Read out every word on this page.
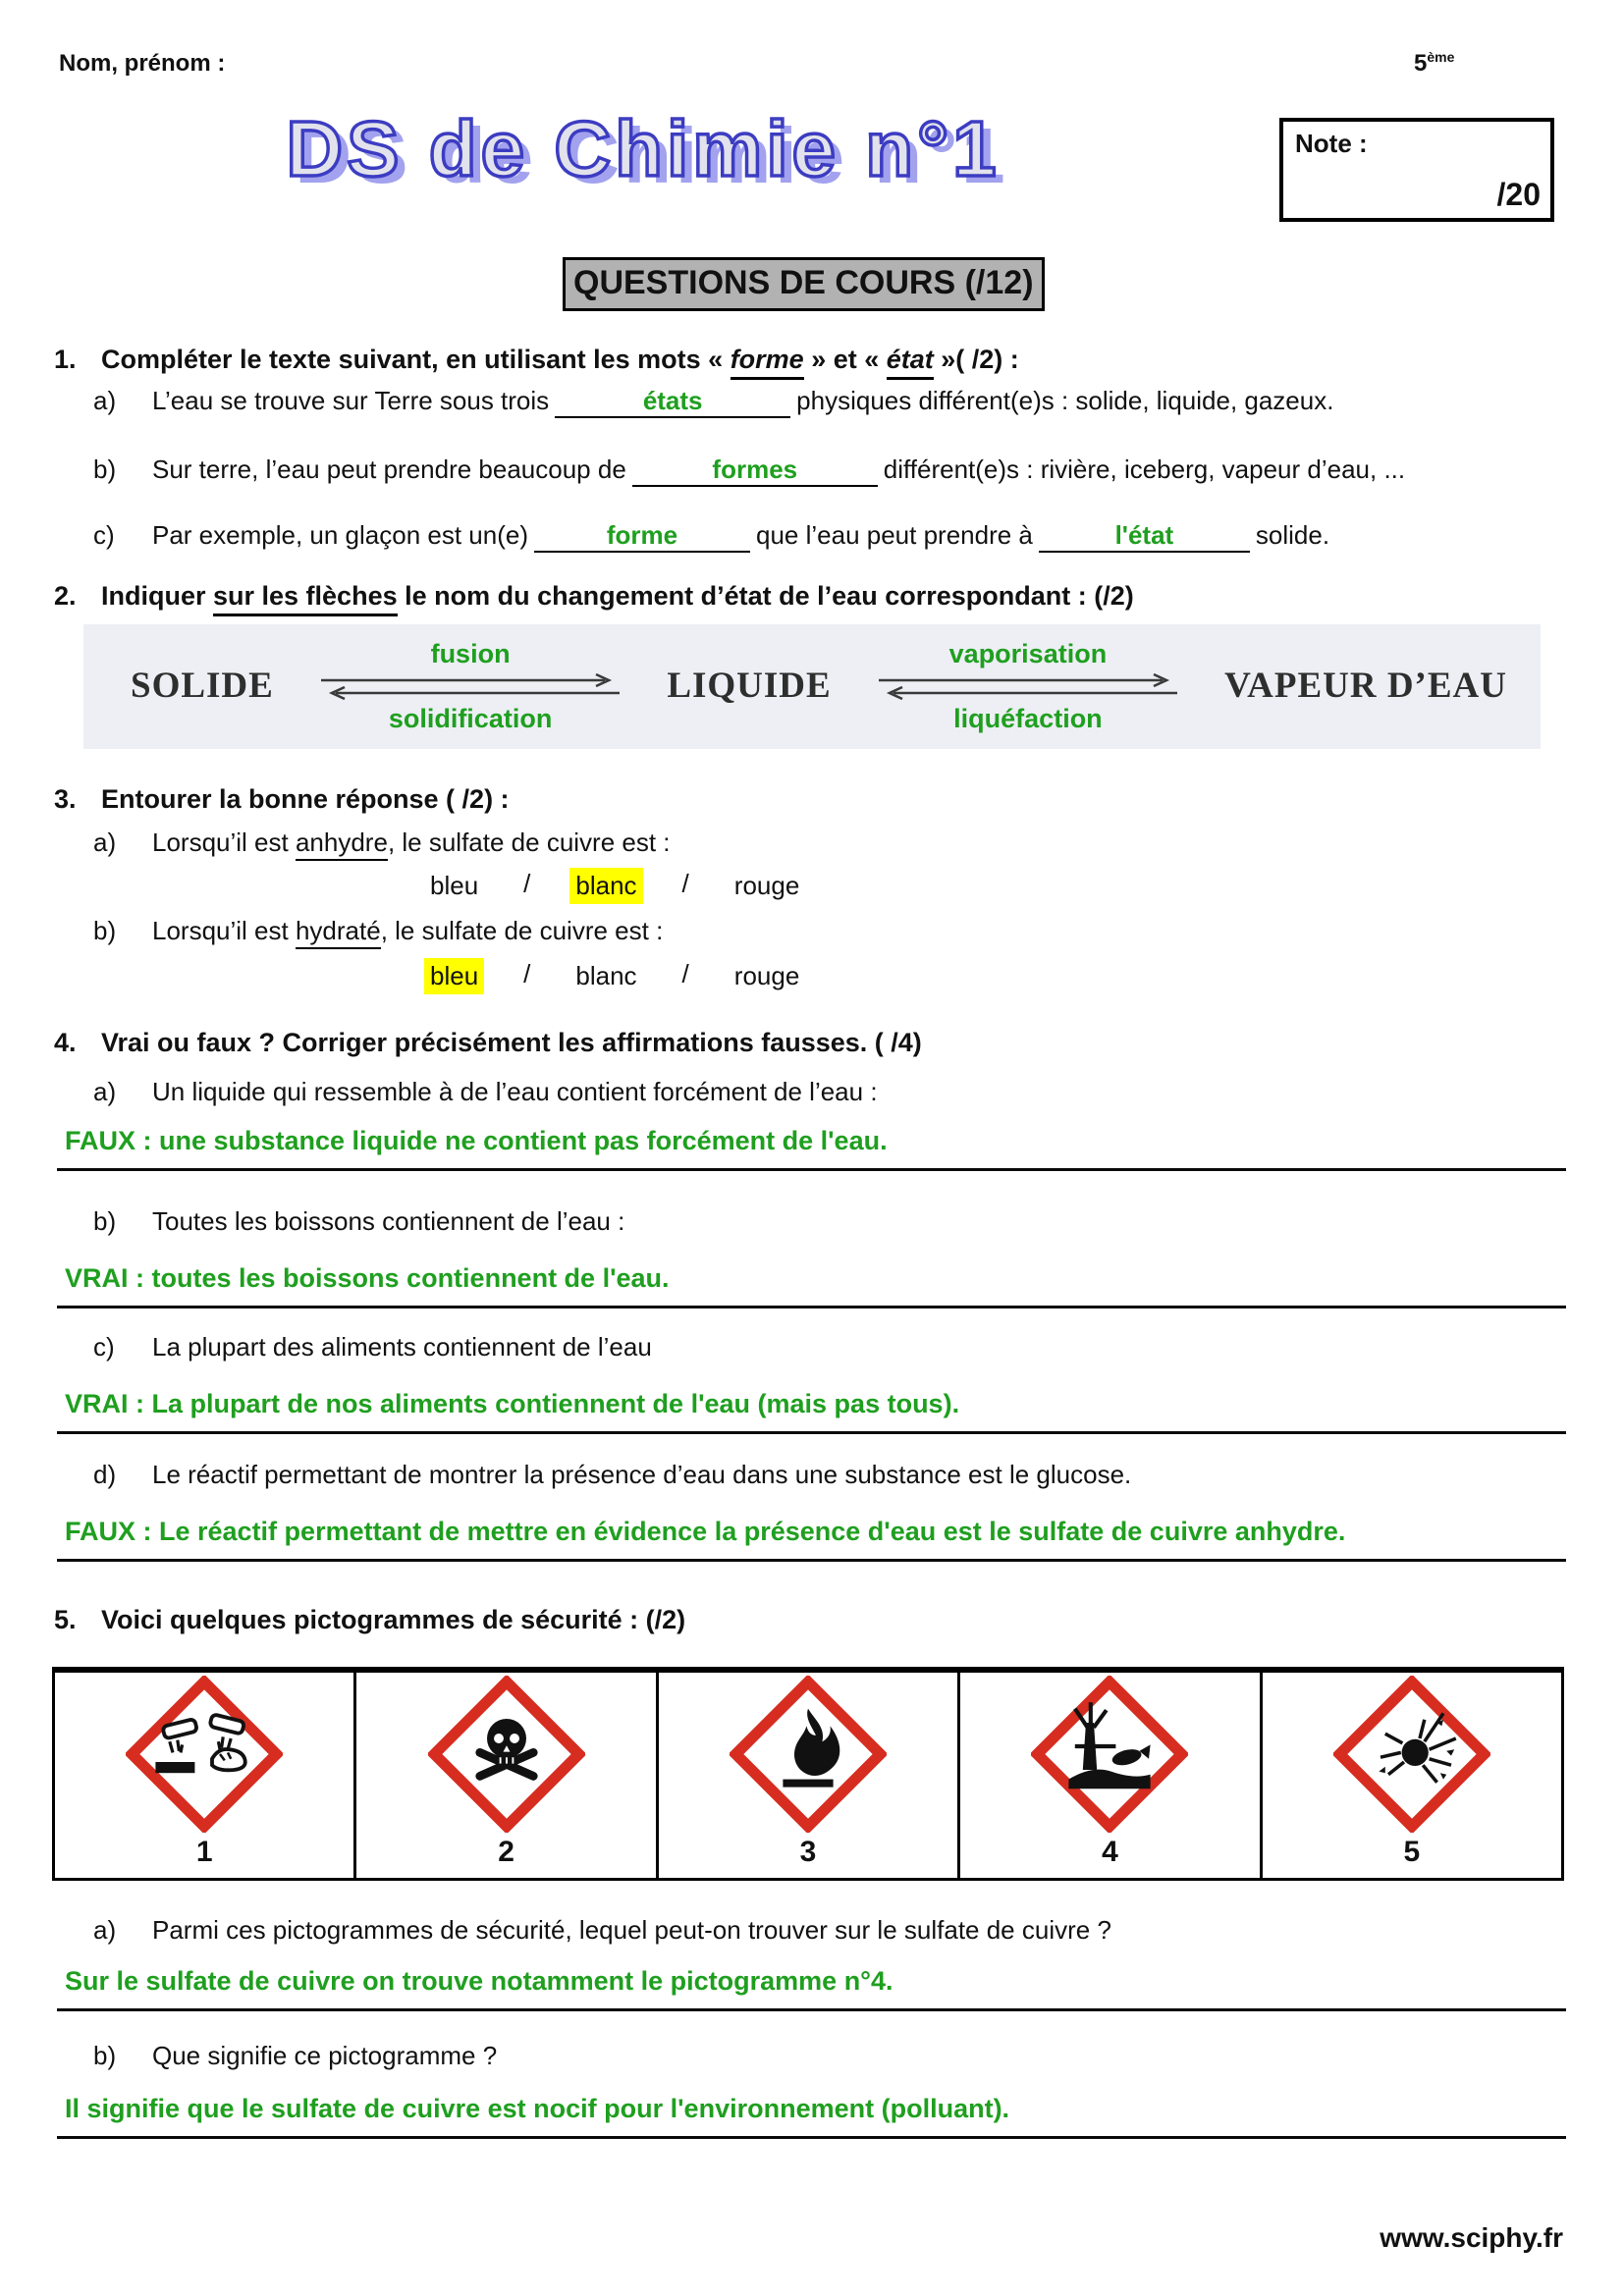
Nom, prénom :	5ème
DS de Chimie n°1	Note :
/20
QUESTIONS DE COURS (/12)
1. Compléter le texte suivant, en utilisant les mots « forme » et « état »( /2) :
a)	L’eau se trouve sur Terre sous trois	états	physiques différent(e)s : solide, liquide, gazeux.
b)	Sur terre, l’eau peut prendre beaucoup de	formes	différent(e)s : rivière, iceberg, vapeur d’eau, ...
c)	Par exemple, un glaçon est un(e)	forme	que l’eau peut prendre à	l'état	solide.
2. Indiquer sur les flèches le nom du changement d’état de l’eau correspondant : (/2)
SOLIDE
fusion
solidification
LIQUIDE
vaporisation
liquéfaction
VAPEUR D’EAU
3. Entourer la bonne réponse ( /2) :
a)	Lorsqu’il est anhydre, le sulfate de cuivre est :
bleu / blanc / rouge
b)	Lorsqu’il est hydraté, le sulfate de cuivre est :
bleu / blanc / rouge
4. Vrai ou faux ? Corriger précisément les affirmations fausses. ( /4)
a)	Un liquide qui ressemble à de l’eau contient forcément de l’eau :
FAUX : une substance liquide ne contient pas forcément de l'eau.
b)	Toutes les boissons contiennent de l’eau :
VRAI : toutes les boissons contiennent de l'eau.
c)	La plupart des aliments contiennent de l’eau
VRAI : La plupart de nos aliments contiennent de l'eau (mais pas tous).
d)	Le réactif permettant de montrer la présence d’eau dans une substance est le glucose.
FAUX : Le réactif permettant de mettre en évidence la présence d'eau est le sulfate de cuivre anhydre.
5. Voici quelques pictogrammes de sécurité : (/2)
1	2	3	4	5
a)	Parmi ces pictogrammes de sécurité, lequel peut-on trouver sur le sulfate de cuivre ?
Sur le sulfate de cuivre on trouve notamment le pictogramme n°4.
b)	Que signifie ce pictogramme ?
Il signifie que le sulfate de cuivre est nocif pour l'environnement (polluant).
www.sciphy.fr
